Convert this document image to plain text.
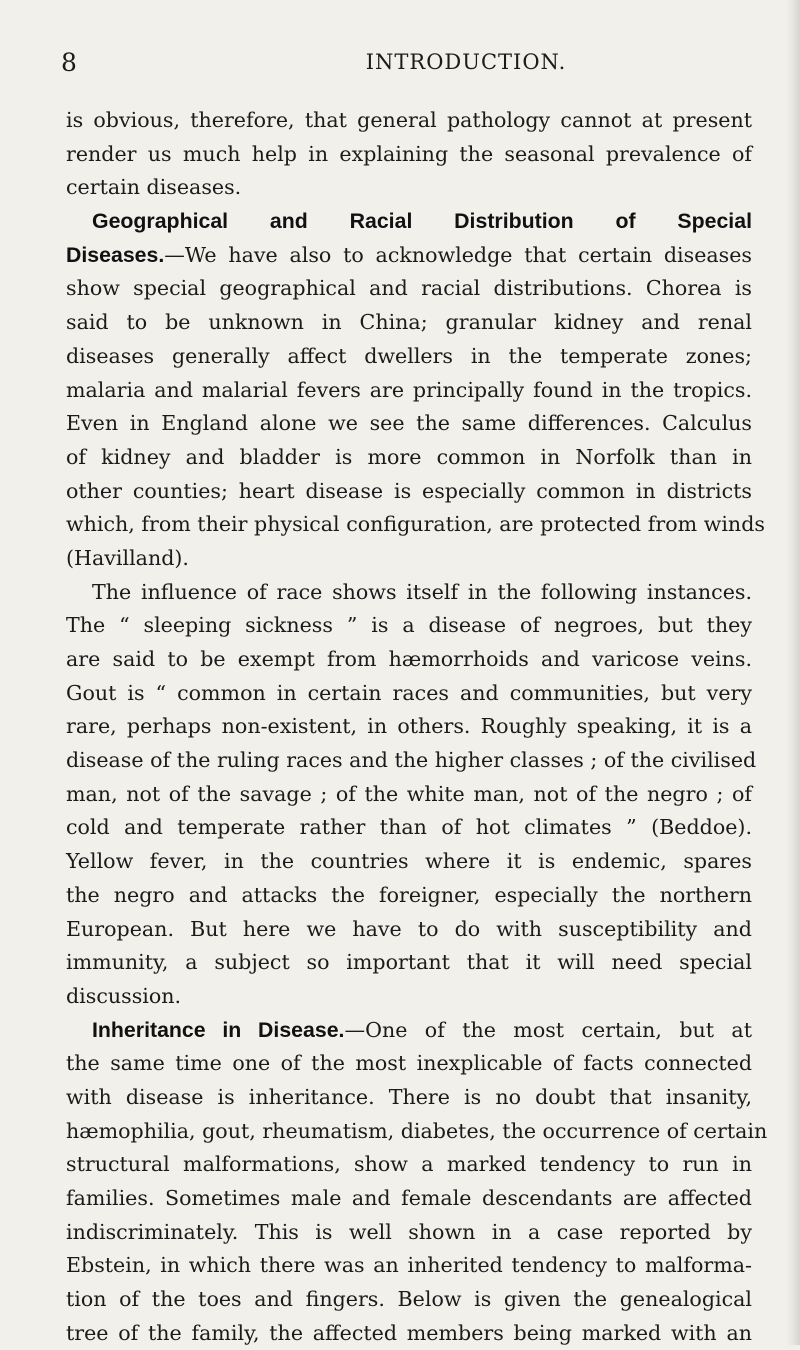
8	INTRODUCTION.
is obvious, therefore, that general pathology cannot at present
render us much help in explaining the seasonal prevalence of
certain diseases.
Geographical and Racial Distribution of Special
Diseases.—We have also to acknowledge that certain diseases
show special geographical and racial distributions. Chorea is
said to be unknown in China; granular kidney and renal
diseases generally affect dwellers in the temperate zones;
malaria and malarial fevers are principally found in the tropics.
Even in England alone we see the same differences. Calculus
of kidney and bladder is more common in Norfolk than in
other counties; heart disease is especially common in districts
which, from their physical configuration, are protected from winds
(Havilland).
The influence of race shows itself in the following instances.
The “ sleeping sickness ” is a disease of negroes, but they
are said to be exempt from hæmorrhoids and varicose veins.
Gout is “ common in certain races and communities, but very
rare, perhaps non-existent, in others. Roughly speaking, it is a
disease of the ruling races and the higher classes ; of the civilised
man, not of the savage ; of the white man, not of the negro ; of
cold and temperate rather than of hot climates ” (Beddoe).
Yellow fever, in the countries where it is endemic, spares
the negro and attacks the foreigner, especially the northern
European. But here we have to do with susceptibility and
immunity, a subject so important that it will need special
discussion.
Inheritance in Disease.—One of the most certain, but at
the same time one of the most inexplicable of facts connected
with disease is inheritance. There is no doubt that insanity,
hæmophilia, gout, rheumatism, diabetes, the occurrence of certain
structural malformations, show a marked tendency to run in
families. Sometimes male and female descendants are affected
indiscriminately. This is well shown in a case reported by
Ebstein, in which there was an inherited tendency to malforma-
tion of the toes and fingers. Below is given the genealogical
tree of the family, the affected members being marked with an
